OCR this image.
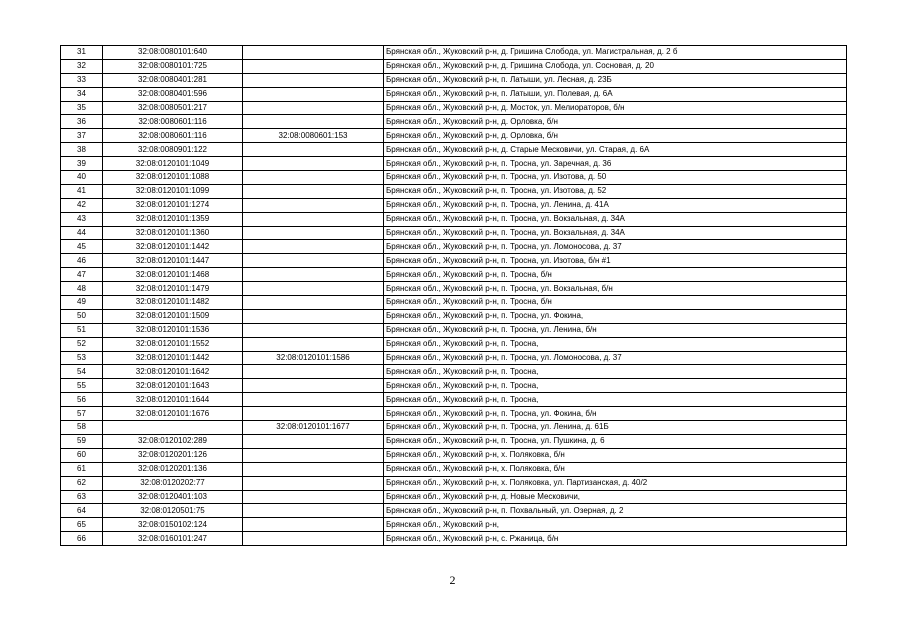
31	32:08:0080101:640		Брянская обл., Жуковский р-н, д. Гришина Слобода, ул. Магистральная, д. 2 б
32	32:08:0080101:725		Брянская обл., Жуковский р-н, д. Гришина Слобода, ул. Сосновая, д. 20
33	32:08:0080401:281		Брянская обл., Жуковский р-н, п. Латыши, ул. Лесная, д. 23Б
34	32:08:0080401:596		Брянская обл., Жуковский р-н, п. Латыши, ул. Полевая, д. 6А
35	32:08:0080501:217		Брянская обл., Жуковский р-н, д. Мосток, ул. Мелиораторов, б/н
36	32:08:0080601:116		Брянская обл., Жуковский р-н, д. Орловка, б/н
37	32:08:0080601:116	32:08:0080601:153	Брянская обл., Жуковский р-н, д. Орловка, б/н
38	32:08:0080901:122		Брянская обл., Жуковский р-н, д. Старые Месковичи, ул. Старая, д. 6А
39	32:08:0120101:1049		Брянская обл., Жуковский р-н, п. Тросна, ул. Заречная, д. 36
40	32:08:0120101:1088		Брянская обл., Жуковский р-н, п. Тросна, ул. Изотова, д. 50
41	32:08:0120101:1099		Брянская обл., Жуковский р-н, п. Тросна, ул. Изотова, д. 52
42	32:08:0120101:1274		Брянская обл., Жуковский р-н, п. Тросна, ул. Ленина, д. 41А
43	32:08:0120101:1359		Брянская обл., Жуковский р-н, п. Тросна, ул. Вокзальная, д. 34А
44	32:08:0120101:1360		Брянская обл., Жуковский р-н, п. Тросна, ул. Вокзальная, д. 34А
45	32:08:0120101:1442		Брянская обл., Жуковский р-н, п. Тросна, ул. Ломоносова, д. 37
46	32:08:0120101:1447		Брянская обл., Жуковский р-н, п. Тросна, ул. Изотова, б/н #1
47	32:08:0120101:1468		Брянская обл., Жуковский р-н, п. Тросна, б/н
48	32:08:0120101:1479		Брянская обл., Жуковский р-н, п. Тросна, ул. Вокзальная, б/н
49	32:08:0120101:1482		Брянская обл., Жуковский р-н, п. Тросна, б/н
50	32:08:0120101:1509		Брянская обл., Жуковский р-н, п. Тросна, ул. Фокина,
51	32:08:0120101:1536		Брянская обл., Жуковский р-н, п. Тросна, ул. Ленина, б/н
52	32:08:0120101:1552		Брянская обл., Жуковский р-н, п. Тросна,
53	32:08:0120101:1442	32:08:0120101:1586	Брянская обл., Жуковский р-н, п. Тросна, ул. Ломоносова, д. 37
54	32:08:0120101:1642		Брянская обл., Жуковский р-н, п. Тросна,
55	32:08:0120101:1643		Брянская обл., Жуковский р-н, п. Тросна,
56	32:08:0120101:1644		Брянская обл., Жуковский р-н, п. Тросна,
57	32:08:0120101:1676		Брянская обл., Жуковский р-н, п. Тросна, ул. Фокина, б/н
58		32:08:0120101:1677	Брянская обл., Жуковский р-н, п. Тросна, ул. Ленина, д. 61Б
59	32:08:0120102:289		Брянская обл., Жуковский р-н, п. Тросна, ул. Пушкина, д. 6
60	32:08:0120201:126		Брянская обл., Жуковский р-н, х. Поляковка, б/н
61	32:08:0120201:136		Брянская обл., Жуковский р-н, х. Поляковка, б/н
62	32:08:0120202:77		Брянская обл., Жуковский р-н, х. Поляковка, ул. Партизанская, д. 40/2
63	32:08:0120401:103		Брянская обл., Жуковский р-н, д. Новые Месковичи,
64	32:08:0120501:75		Брянская обл., Жуковский р-н, п. Похвальный, ул. Озерная, д. 2
65	32:08:0150102:124		Брянская обл., Жуковский р-н,
66	32:08:0160101:247		Брянская обл., Жуковский р-н, с. Ржаница, б/н
2
